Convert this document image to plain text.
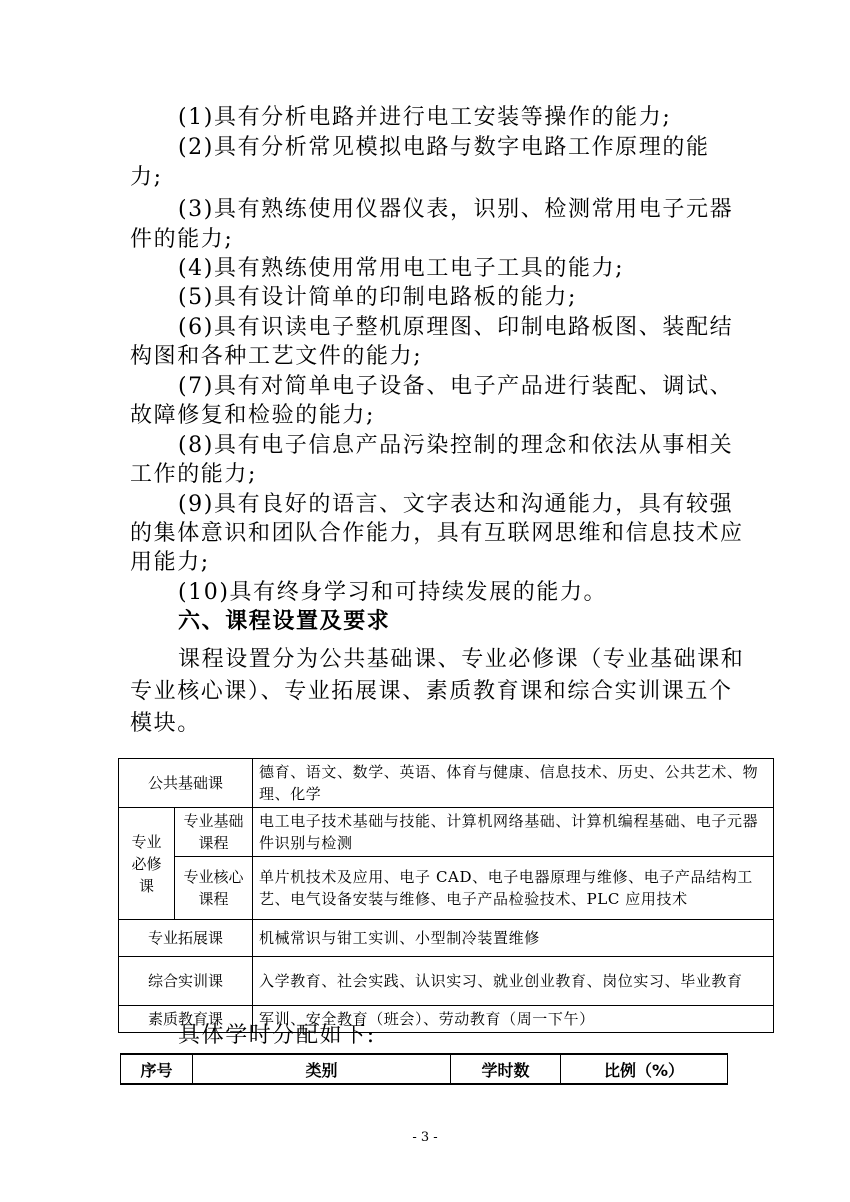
(1)具有分析电路并进行电工安装等操作的能力;
(2)具有分析常见模拟电路与数字电路工作原理的能
力;
(3)具有熟练使用仪器仪表，识别、检测常用电子元器
件的能力;
(4)具有熟练使用常用电工电子工具的能力;
(5)具有设计简单的印制电路板的能力;
(6)具有识读电子整机原理图、印制电路板图、装配结
构图和各种工艺文件的能力;
(7)具有对简单电子设备、电子产品进行装配、调试、
故障修复和检验的能力;
(8)具有电子信息产品污染控制的理念和依法从事相关
工作的能力;
(9)具有良好的语言、文字表达和沟通能力，具有较强
的集体意识和团队合作能力，具有互联网思维和信息技术应
用能力;
(10)具有终身学习和可持续发展的能力。
六、课程设置及要求
课程设置分为公共基础课、专业必修课（专业基础课和
专业核心课）、专业拓展课、素质教育课和综合实训课五个
模块。
公共基础课		德育、语文、数学、英语、体育与健康、信息技术、历史、公共艺术、物理、化学
专业必修课	专业基础课程	电工电子技术基础与技能、计算机网络基础、计算机编程基础、电子元器件识别与检测
	专业核心课程	单片机技术及应用、电子 CAD、电子电器原理与维修、电子产品结构工艺、电气设备安装与维修、电子产品检验技术、PLC 应用技术
专业拓展课		机械常识与钳工实训、小型制冷装置维修
综合实训课		入学教育、社会实践、认识实习、就业创业教育、岗位实习、毕业教育
素质教育课		军训、安全教育（班会）、劳动教育（周一下午）
具体学时分配如下:
序号	类别	学时数	比例（%）
- 3 -
